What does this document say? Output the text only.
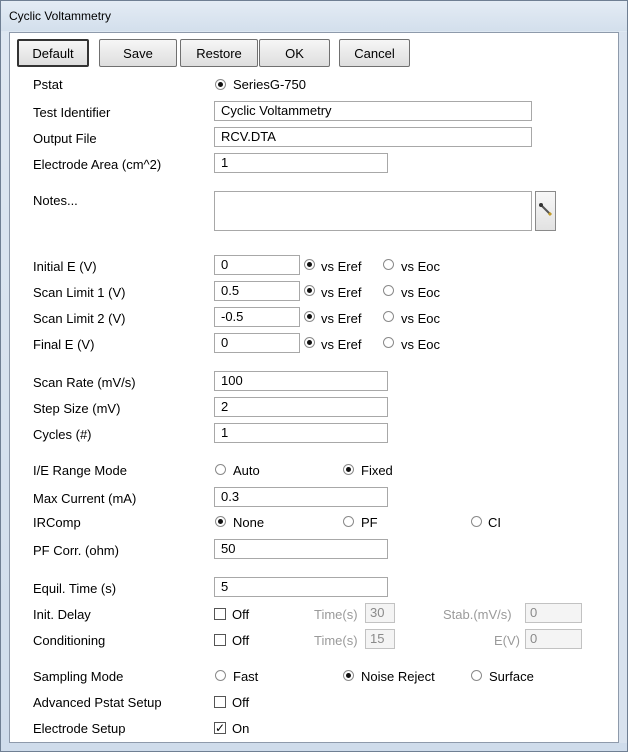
Cyclic Voltammetry
Default	Save	Restore	OK	Cancel
Pstat	SeriesG-750
Test Identifier	Cyclic Voltammetry
Output File	RCV.DTA
Electrode Area (cm^2)	1
Notes...
Initial E (V)	0	vs Eref	vs Eoc
Scan Limit 1 (V)	0.5	vs Eref	vs Eoc
Scan Limit 2 (V)	-0.5	vs Eref	vs Eoc
Final E (V)	0	vs Eref	vs Eoc
Scan Rate (mV/s)	100
Step Size (mV)	2
Cycles (#)	1
I/E Range Mode	Auto	Fixed
Max Current (mA)	0.3
IRComp	None	PF	CI
PF Corr. (ohm)	50
Equil. Time (s)	5
Init. Delay	Off	Time(s) 30	Stab.(mV/s)	0
Conditioning	Off	Time(s) 15	E(V) 0
Sampling Mode	Fast	Noise Reject	Surface
Advanced Pstat Setup	Off
Electrode Setup	✓ On
